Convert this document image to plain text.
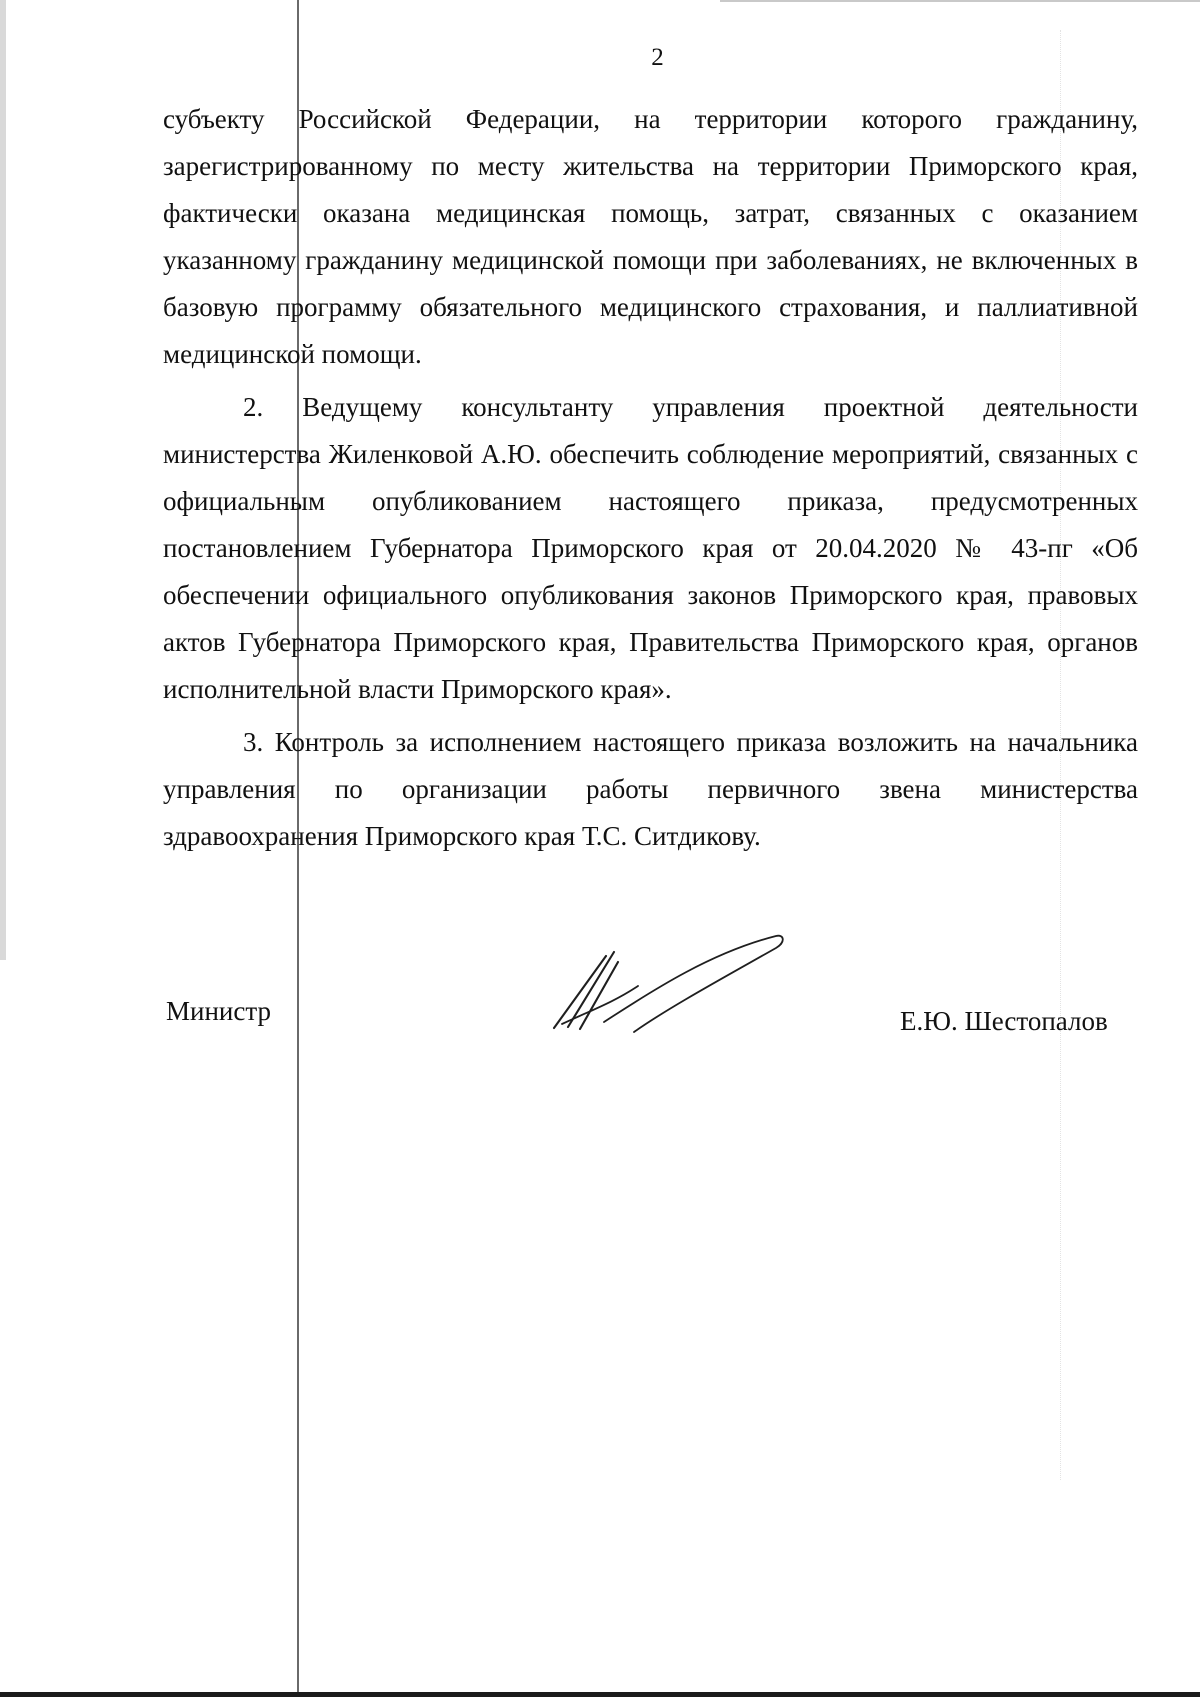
2

субъекту Российской Федерации, на территории которого гражданину, зарегистрированному по месту жительства на территории Приморского края, фактически оказана медицинская помощь, затрат, связанных с оказанием указанному гражданину медицинской помощи при заболеваниях, не включенных в базовую программу обязательного медицинского страхования, и паллиативной медицинской помощи.

2. Ведущему консультанту управления проектной деятельности министерства Жиленковой А.Ю. обеспечить соблюдение мероприятий, связанных с официальным опубликованием настоящего приказа, предусмотренных постановлением Губернатора Приморского края от 20.04.2020 № 43-пг «Об обеспечении официального опубликования законов Приморского края, правовых актов Губернатора Приморского края, Правительства Приморского края, органов исполнительной власти Приморского края».

3. Контроль за исполнением настоящего приказа возложить на начальника управления по организации работы первичного звена министерства здравоохранения Приморского края Т.С. Ситдикову.

Министр	Е.Ю. Шестопалов
